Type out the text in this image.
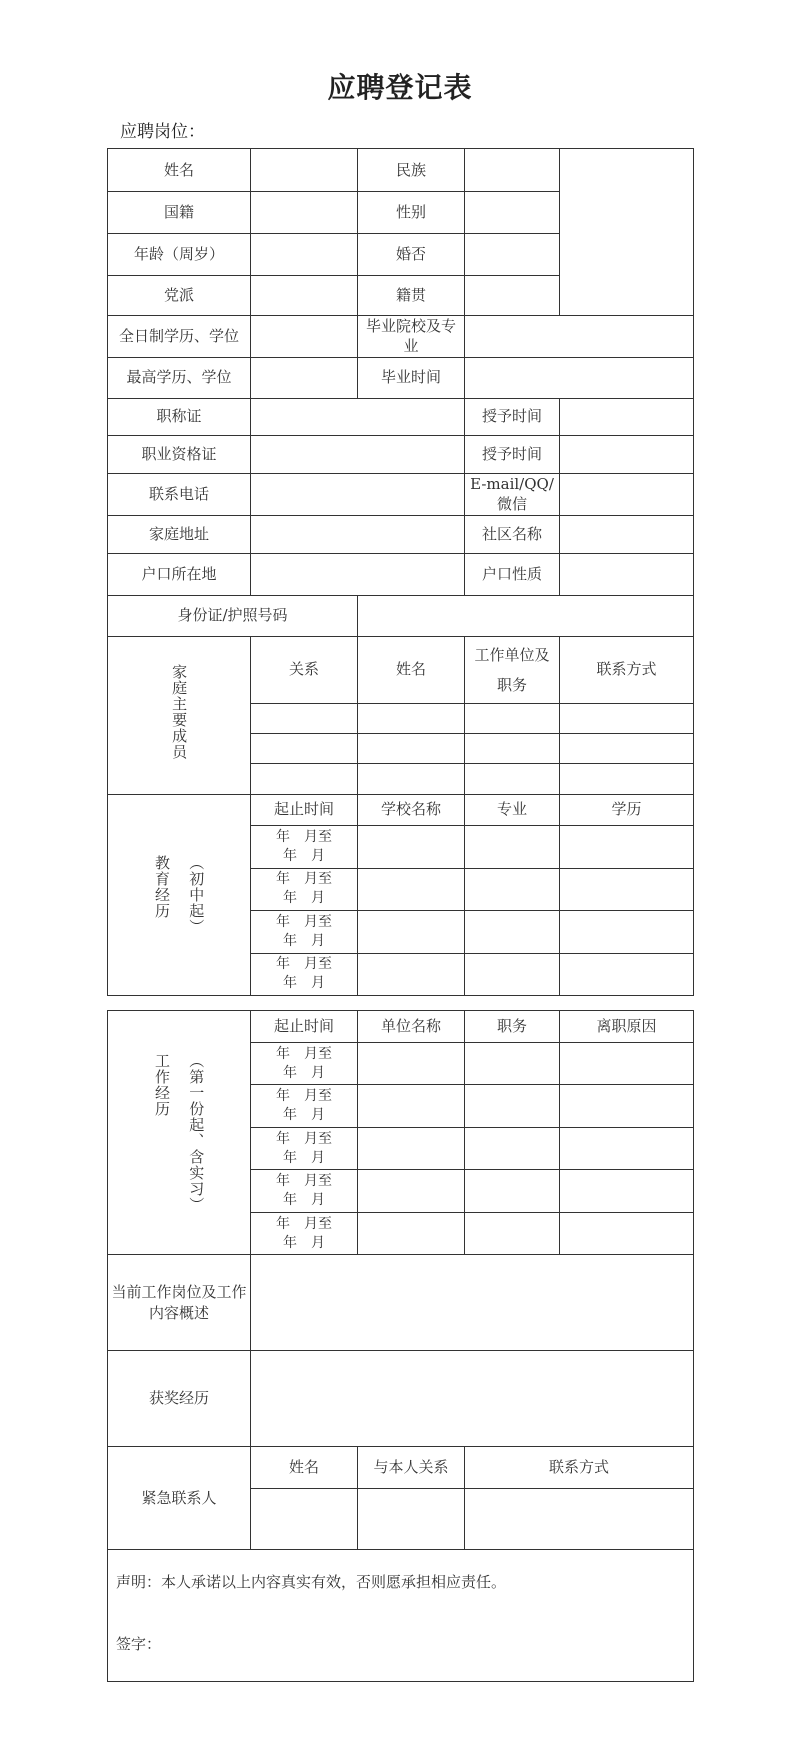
应聘登记表
应聘岗位：
姓名		民族		
国籍		性别		
年龄（周岁）		婚否		
党派		籍贯		
全日制学历、学位		毕业院校及专业		
最高学历、学位		毕业时间		
职称证			授予时间	
职业资格证			授予时间	
联系电话			E-mail/QQ/微信	
家庭地址			社区名称	
户口所在地			户口性质	
身份证/护照号码				
家庭主要成员	关系	姓名	工作单位及职务	联系方式

教育经历 （初中起）	起止时间	学校名称	专业	学历

	年　月至
年　月			

	年　月至
年　月			

	年　月至
年　月			

	年　月至
年　月			

工作经历 （第一份起、含实习）	起止时间	单位名称	职务	离职原因

	年　月至
年　月			

	年　月至
年　月			

	年　月至
年　月			

	年　月至
年　月			

	年　月至
年　月			

当前工作岗位及工作内容概述				
获奖经历				
紧急联系人	姓名	与本人关系	联系方式	

声明：本人承诺以上内容真实有效，否则愿承担相应责任。

签字：				
